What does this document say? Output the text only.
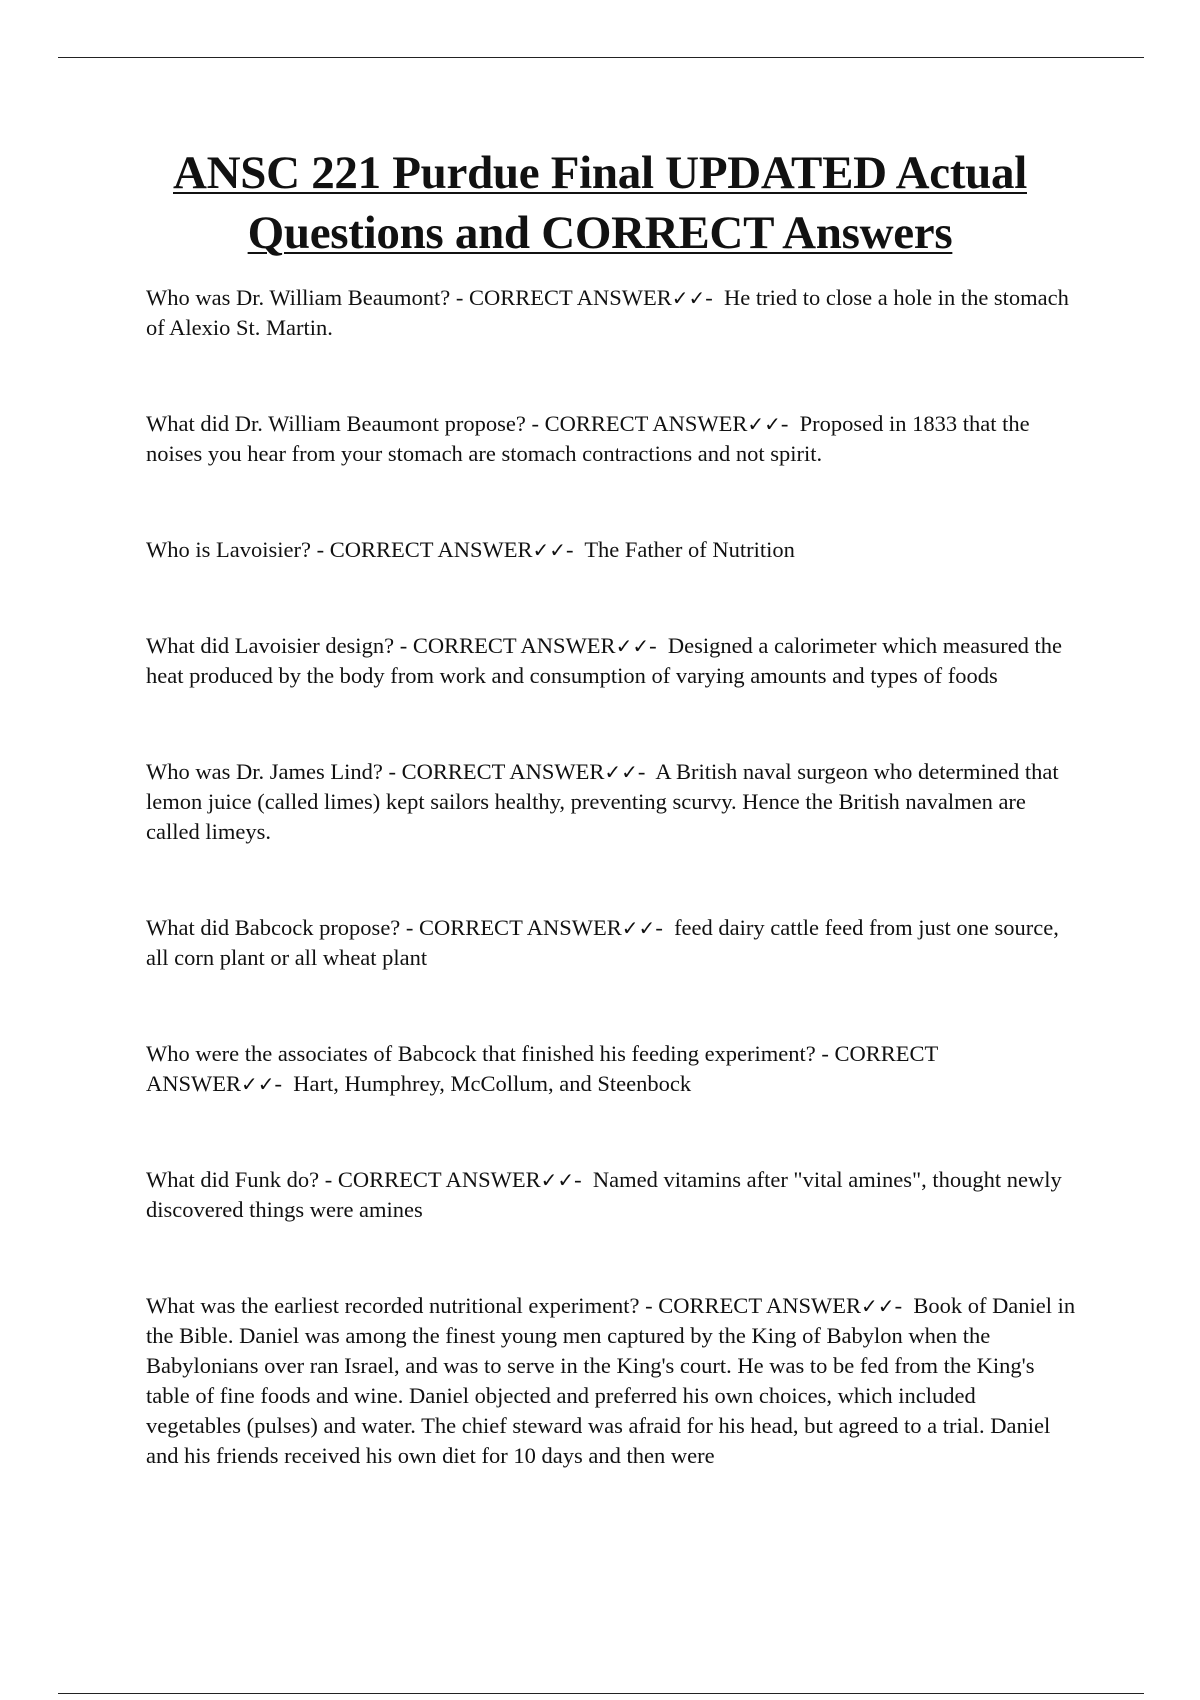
ANSC 221 Purdue Final UPDATED Actual
Questions and CORRECT Answers

Who was Dr. William Beaumont? - CORRECT ANSWER✓✓-  He tried to close a hole in the stomach of Alexio St. Martin.

What did Dr. William Beaumont propose? - CORRECT ANSWER✓✓-  Proposed in 1833 that the noises you hear from your stomach are stomach contractions and not spirit.

Who is Lavoisier? - CORRECT ANSWER✓✓-  The Father of Nutrition

What did Lavoisier design? - CORRECT ANSWER✓✓-  Designed a calorimeter which measured the heat produced by the body from work and consumption of varying amounts and types of foods

Who was Dr. James Lind? - CORRECT ANSWER✓✓-  A British naval surgeon who determined that lemon juice (called limes) kept sailors healthy, preventing scurvy. Hence the British navalmen are called limeys.

What did Babcock propose? - CORRECT ANSWER✓✓-  feed dairy cattle feed from just one source, all corn plant or all wheat plant

Who were the associates of Babcock that finished his feeding experiment? - CORRECT ANSWER✓✓-  Hart, Humphrey, McCollum, and Steenbock

What did Funk do? - CORRECT ANSWER✓✓-  Named vitamins after "vital amines", thought newly discovered things were amines

What was the earliest recorded nutritional experiment? - CORRECT ANSWER✓✓-  Book of Daniel in the Bible. Daniel was among the finest young men captured by the King of Babylon when the Babylonians over ran Israel, and was to serve in the King's court. He was to be fed from the King's table of fine foods and wine. Daniel objected and preferred his own choices, which included vegetables (pulses) and water. The chief steward was afraid for his head, but agreed to a trial. Daniel and his friends received his own diet for 10 days and then were
